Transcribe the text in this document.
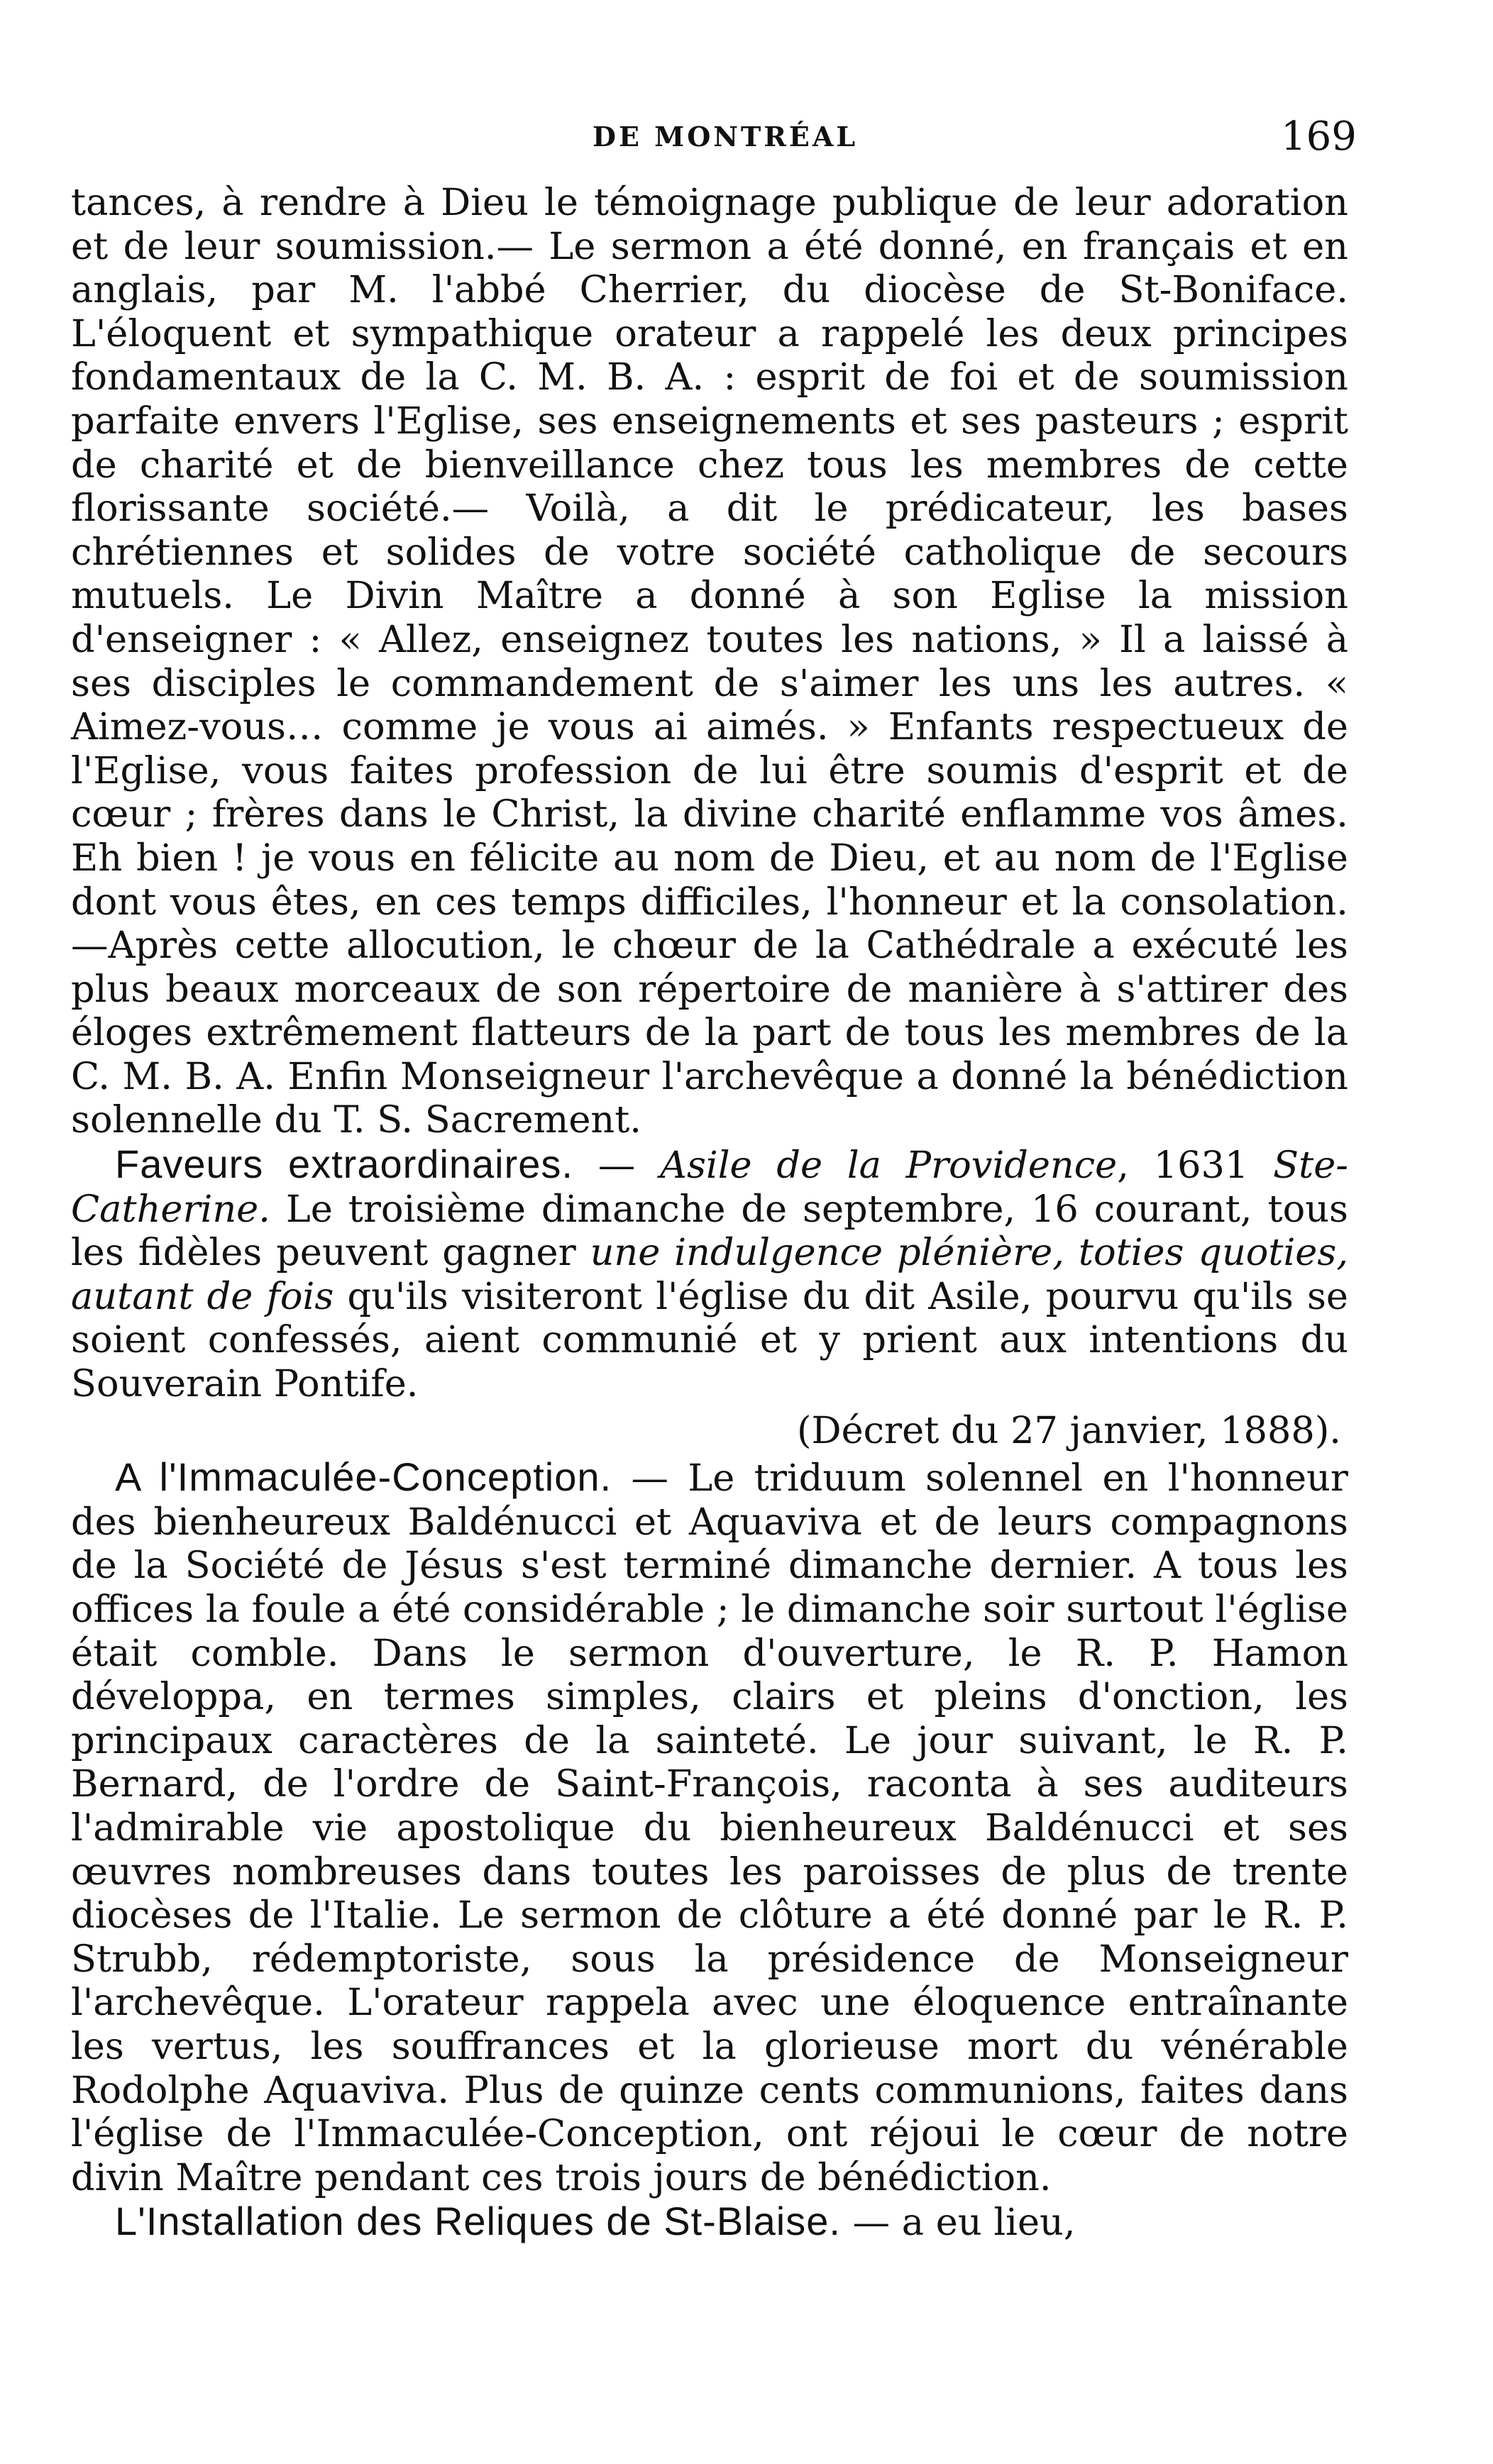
DE MONTRÉAL	169

tances, à rendre à Dieu le témoignage publique de leur adoration et de leur soumission.— Le sermon a été donné, en français et en anglais, par M. l'abbé Cherrier, du diocèse de St-Boniface. L'éloquent et sympathique orateur a rappelé les deux principes fondamentaux de la C. M. B. A. : esprit de foi et de soumission parfaite envers l'Eglise, ses enseignements et ses pasteurs ; esprit de charité et de bienveillance chez tous les membres de cette florissante société.— Voilà, a dit le prédicateur, les bases chrétiennes et solides de votre société catholique de secours mutuels. Le Divin Maître a donné à son Eglise la mission d'enseigner : « Allez, enseignez toutes les nations, » Il a laissé à ses disciples le commandement de s'aimer les uns les autres. « Aimez-vous… comme je vous ai aimés. » Enfants respectueux de l'Eglise, vous faites profession de lui être soumis d'esprit et de cœur ; frères dans le Christ, la divine charité enflamme vos âmes. Eh bien ! je vous en félicite au nom de Dieu, et au nom de l'Eglise dont vous êtes, en ces temps difficiles, l'honneur et la consolation. —Après cette allocution, le chœur de la Cathédrale a exécuté les plus beaux morceaux de son répertoire de manière à s'attirer des éloges extrêmement flatteurs de la part de tous les membres de la C. M. B. A. Enfin Monseigneur l'archevêque a donné la bénédiction solennelle du T. S. Sacrement.

Faveurs extraordinaires. — Asile de la Providence, 1631 Ste-Catherine. Le troisième dimanche de septembre, 16 courant, tous les fidèles peuvent gagner une indulgence plénière, toties quoties, autant de fois qu'ils visiteront l'église du dit Asile, pourvu qu'ils se soient confessés, aient communié et y prient aux intentions du Souverain Pontife.

(Décret du 27 janvier, 1888).

A l'Immaculée-Conception. — Le triduum solennel en l'honneur des bienheureux Baldénucci et Aquaviva et de leurs compagnons de la Société de Jésus s'est terminé dimanche dernier. A tous les offices la foule a été considérable ; le dimanche soir surtout l'église était comble. Dans le sermon d'ouverture, le R. P. Hamon développa, en termes simples, clairs et pleins d'onction, les principaux caractères de la sainteté. Le jour suivant, le R. P. Bernard, de l'ordre de Saint-François, raconta à ses auditeurs l'admirable vie apostolique du bienheureux Baldénucci et ses œuvres nombreuses dans toutes les paroisses de plus de trente diocèses de l'Italie. Le sermon de clôture a été donné par le R. P. Strubb, rédemptoriste, sous la présidence de Monseigneur l'archevêque. L'orateur rappela avec une éloquence entraînante les vertus, les souffrances et la glorieuse mort du vénérable Rodolphe Aquaviva. Plus de quinze cents communions, faites dans l'église de l'Immaculée-Conception, ont réjoui le cœur de notre divin Maître pendant ces trois jours de bénédiction.

L'Installation des Reliques de St-Blaise. — a eu lieu,
